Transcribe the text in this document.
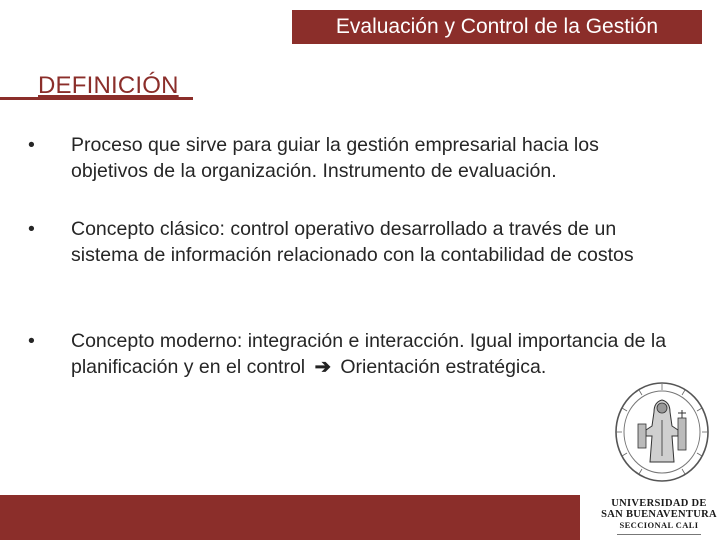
Evaluación y Control de la Gestión
DEFINICIÓN
• Proceso que sirve para guiar la gestión empresarial hacia los objetivos de la organización. Instrumento de evaluación.
• Concepto clásico: control operativo desarrollado a través de un sistema de información relacionado con la contabilidad de costos
• Concepto moderno: integración e interacción. Igual importancia de la planificación y en el control ➔ Orientación estratégica.
UNIVERSIDAD DE
SAN BUENAVENTURA
SECCIONAL CALI
